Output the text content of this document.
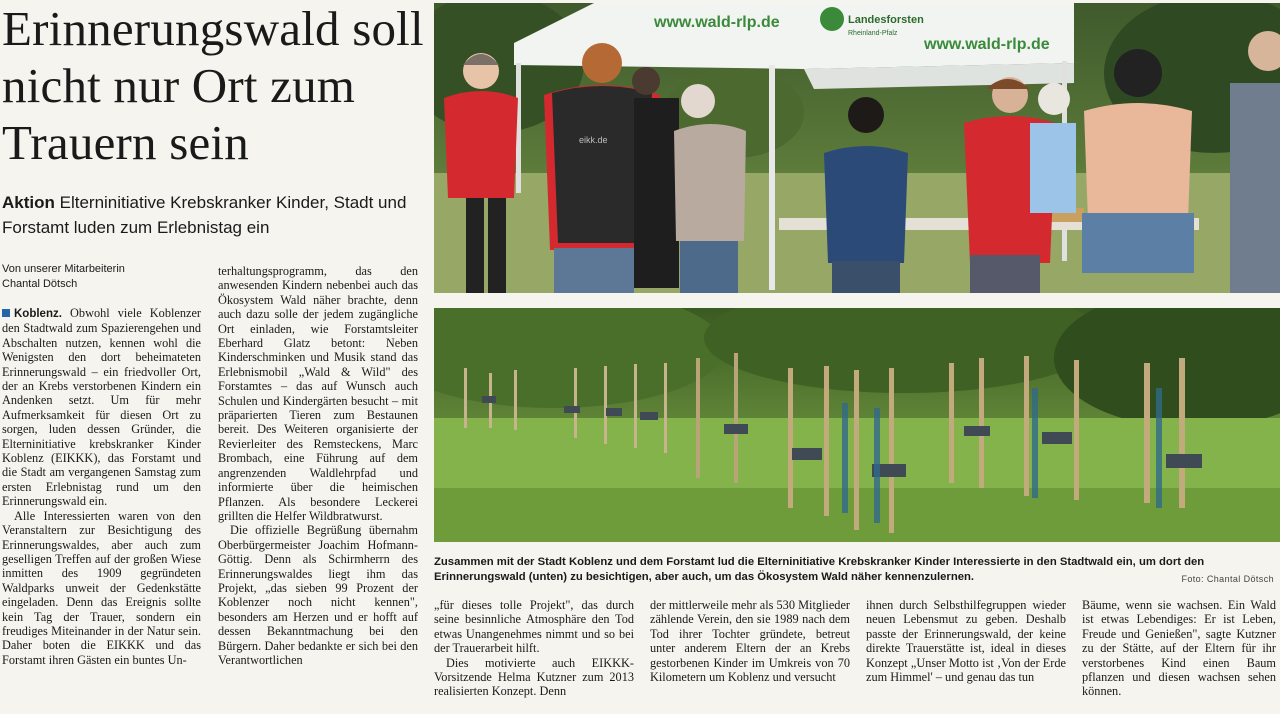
Erinnerungswald soll nicht nur Ort zum Trauern sein
Aktion Elterninitiative Krebskranker Kinder, Stadt und Forstamt luden zum Erlebnistag ein
Von unserer Mitarbeiterin
Chantal Dötsch

Koblenz. Obwohl viele Koblenzer den Stadtwald zum Spazierengehen und Abschalten nutzen, kennen wohl die Wenigsten den dort beheimateten Erinnerungswald – ein friedvoller Ort, der an Krebs verstorbenen Kindern ein Andenken setzt. Um für mehr Aufmerksamkeit für diesen Ort zu sorgen, luden dessen Gründer, die Elterninitiative krebskranker Kinder Koblenz (EIKKK), das Forstamt und die Stadt am vergangenen Samstag zum ersten Erlebnistag rund um den Erinnerungswald ein.

Alle Interessierten waren von den Veranstaltern zur Besichtigung des Erinnerungswaldes, aber auch zum geselligen Treffen auf der großen Wiese inmitten des 1909 gegründeten Waldparks unweit der Gedenkstätte eingeladen. Denn das Ereignis sollte kein Tag der Trauer, sondern ein freudiges Miteinander in der Natur sein. Daher boten die EIKKK und das Forstamt ihren Gästen ein buntes Un-

terhaltungsprogramm, das den anwesenden Kindern nebenbei auch das Ökosystem Wald näher brachte, denn auch dazu solle der jedem zugängliche Ort einladen, wie Forstamtsleiter Eberhard Glatz betont: Neben Kinderschminken und Musik stand das Erlebnismobil „Wald & Wild" des Forstamtes – das auf Wunsch auch Schulen und Kindergärten besucht – mit präparierten Tieren zum Bestaunen bereit. Des Weiteren organisierte der Revierleiter des Remsteckens, Marc Brombach, eine Führung auf dem angrenzenden Waldlehrpfad und informierte über die heimischen Pflanzen. Als besondere Leckerei grillten die Helfer Wildbratwurst.

Die offizielle Begrüßung übernahm Oberbürgermeister Joachim Hofmann-Göttig. Denn als Schirmherrn des Erinnerungswaldes liegt ihm das Projekt, „das sieben 99 Prozent der Koblenzer noch nicht kennen", besonders am Herzen und er hofft auf dessen Bekanntmachung bei den Bürgern. Daher bedankte er sich bei den Verantwortlichen

www.wald-rlp.de
www.wald-rlp.de
Landesforsten
Rheinland-Pfalz
eikk.de
Zusammen mit der Stadt Koblenz und dem Forstamt lud die Elterninitiative Krebskranker Kinder Interessierte in den Stadtwald ein, um dort den Erinnerungswald (unten) zu besichtigen, aber auch, um das Ökosystem Wald näher kennenzulernen.	Foto: Chantal Dötsch

„für dieses tolle Projekt", das durch seine besinnliche Atmosphäre den Tod etwas Unangenehmes nimmt und so bei der Trauerarbeit hilft.

Dies motivierte auch EIKKK-Vorsitzende Helma Kutzner zum 2013 realisierten Konzept. Denn

der mittlerweile mehr als 530 Mitglieder zählende Verein, den sie 1989 nach dem Tod ihrer Tochter gründete, betreut unter anderem Eltern der an Krebs gestorbenen Kinder im Umkreis von 70 Kilometern um Koblenz und versucht

ihnen durch Selbsthilfegruppen wieder neuen Lebensmut zu geben. Deshalb passte der Erinnerungswald, der keine direkte Trauerstätte ist, ideal in dieses Konzept „Unser Motto ist ‚Von der Erde zum Himmel' – und genau das tun

Bäume, wenn sie wachsen. Ein Wald ist etwas Lebendiges: Er ist Leben, Freude und Genießen", sagte Kutzner zu der Stätte, auf der Eltern für ihr verstorbenes Kind einen Baum pflanzen und diesen wachsen sehen können.
